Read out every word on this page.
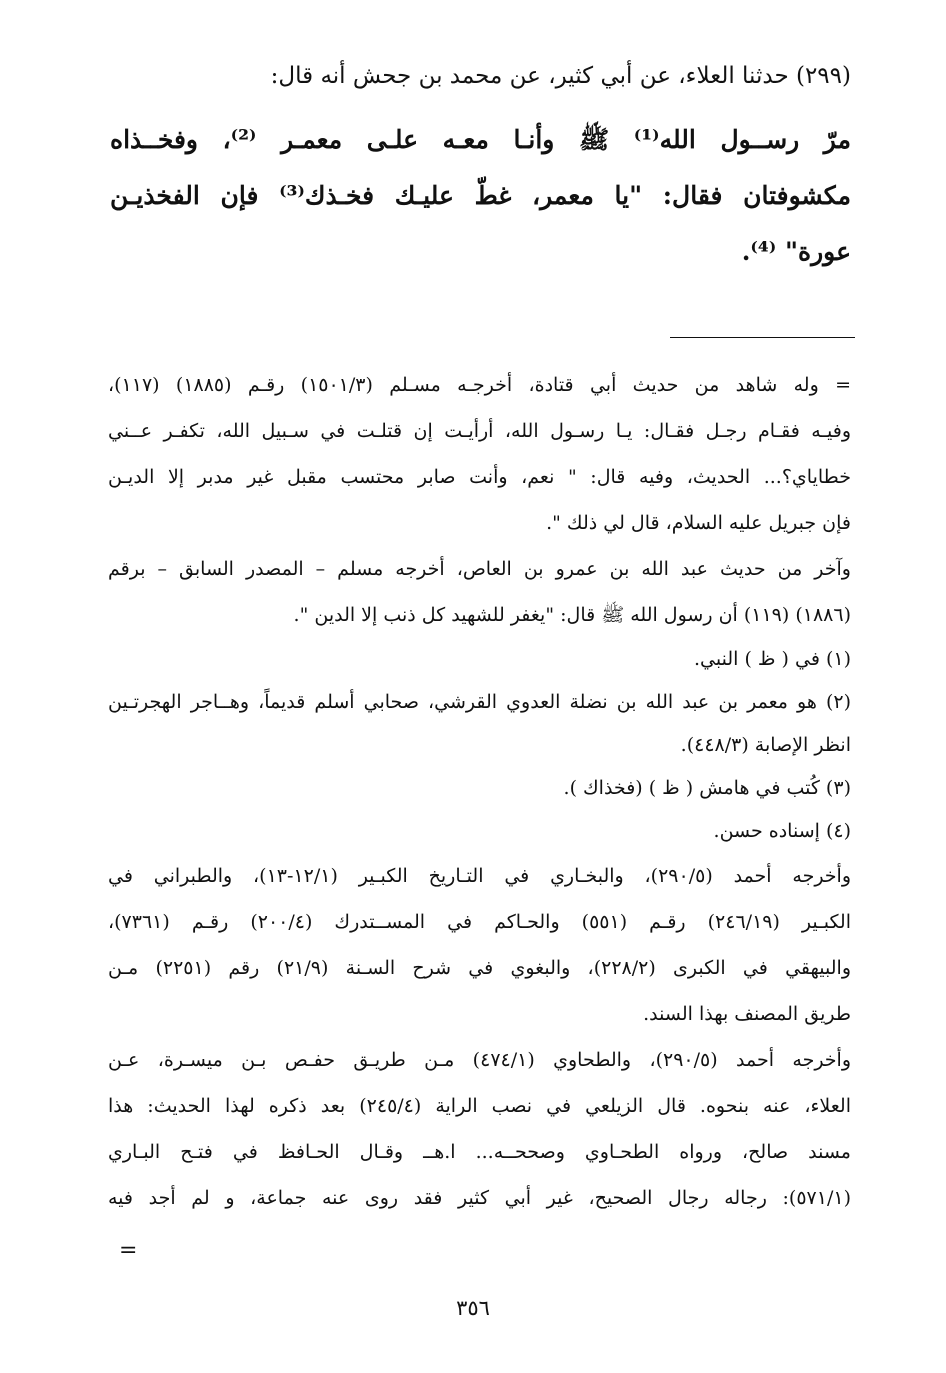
(٢٩٩) حدثنا العلاء، عن أبي كثير، عن محمد بن جحش أنه قال:
مرّ رســول الله⁽¹⁾ ﷺ وأنـا معـه علـى معمـر ⁽²⁾، وفخــذاه
مكشوفتان فقال: "يا معمر، غطّ عليـك فخـذك⁽³⁾ فإن الفخذيـن
عورة" ⁽⁴⁾.
= وله شاهد من حديث أبي قتادة، أخرجـه مسـلم (١٥٠١/٣) رقـم (١٨٨٥) (١١٧)،
وفيـه فقـام رجـل فقـال: يـا رسـول الله، أرأيـت إن قتلـت في سـبيل الله، تكفـر عــني
خطاياي؟... الحديث، وفيه قال: " نعم، وأنت صابر محتسب مقبل غير مدبر إلا الديـن
فإن جبريل عليه السلام، قال لي ذلك ".
وآخر من حديث عبد الله بن عمرو بن العاص، أخرجه مسلم – المصدر السابق – برقم
(١٨٨٦) (١١٩) أن رسول الله ﷺ قال: "يغفر للشهيد كل ذنب إلا الدين ".
(١) في ( ظ ) النبي.
(٢) هو معمر بن عبد الله بن نضلة العدوي القرشي، صحابي أسلم قديماً، وهــاجر الهجرتـين
انظر الإصابة (٤٤٨/٣).
(٣) كُتب في هامش ( ظ ) (فخذاك ).
(٤) إسناده حسن.
وأخرجه أحمد (٢٩٠/٥)، والبخـاري في التـاريخ الكبـير (١٢/١-١٣)، والطبراني في
الكبـير (٢٤٦/١٩) رقـم (٥٥١) والحـاكم في المســتدرك (٢٠٠/٤) رقـم (٧٣٦١)،
والبيهقي في الكبرى (٢٢٨/٢)، والبغوي في شرح السـنة (٢١/٩) رقم (٢٢٥١) مـن
طريق المصنف بهذا السند.
وأخرجه أحمد (٢٩٠/٥)، والطحاوي (٤٧٤/١) مـن طريـق حفـص بـن ميسـرة، عـن
العلاء، عنه بنحوه. قال الزيلعي في نصب الراية (٢٤٥/٤) بعد ذكره لهذا الحديث: هذا
مسند صالح، ورواه الطحـاوي وصححــه... ا.هــ وقـال الحـافظ في فتـح البـاري
(٥٧١/١): رجاله رجال الصحيح، غير أبي كثير فقد روى عنه جماعة، و لم أجد فيه
=
٣٥٦
